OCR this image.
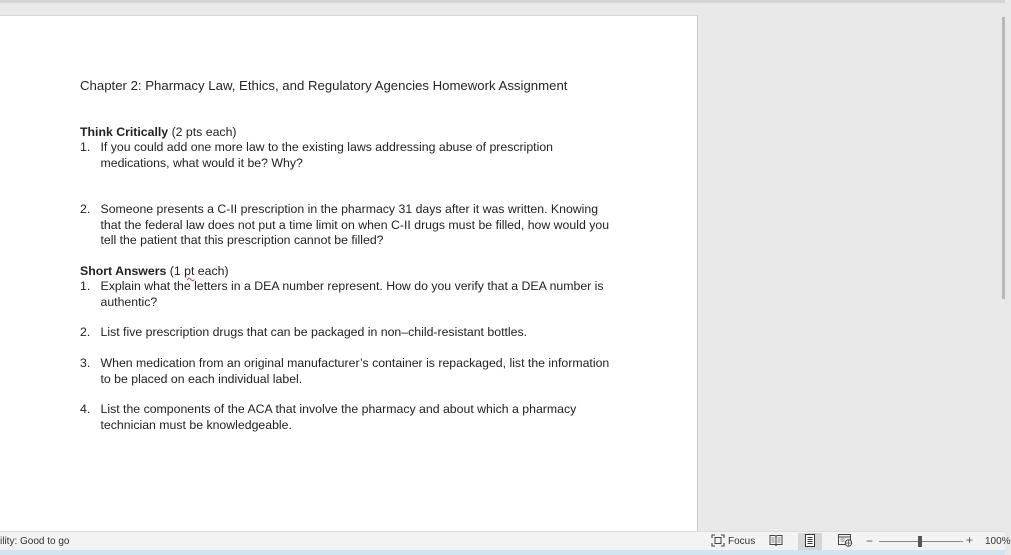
Chapter 2: Pharmacy Law, Ethics, and Regulatory Agencies Homework Assignment
Think Critically (2 pts each)
1. If you could add one more law to the existing laws addressing abuse of prescription medications, what would it be? Why?
2. Someone presents a C-II prescription in the pharmacy 31 days after it was written. Knowing that the federal law does not put a time limit on when C-II drugs must be filled, how would you tell the patient that this prescription cannot be filled?
Short Answers (1 pt each)
1. Explain what the letters in a DEA number represent. How do you verify that a DEA number is authentic?
2. List five prescription drugs that can be packaged in non–child-resistant bottles.
3. When medication from an original manufacturer’s container is repackaged, list the information to be placed on each individual label.
4. List the components of the ACA that involve the pharmacy and about which a pharmacy technician must be knowledgeable.
ility: Good to go	Focus	−	+ 100%
